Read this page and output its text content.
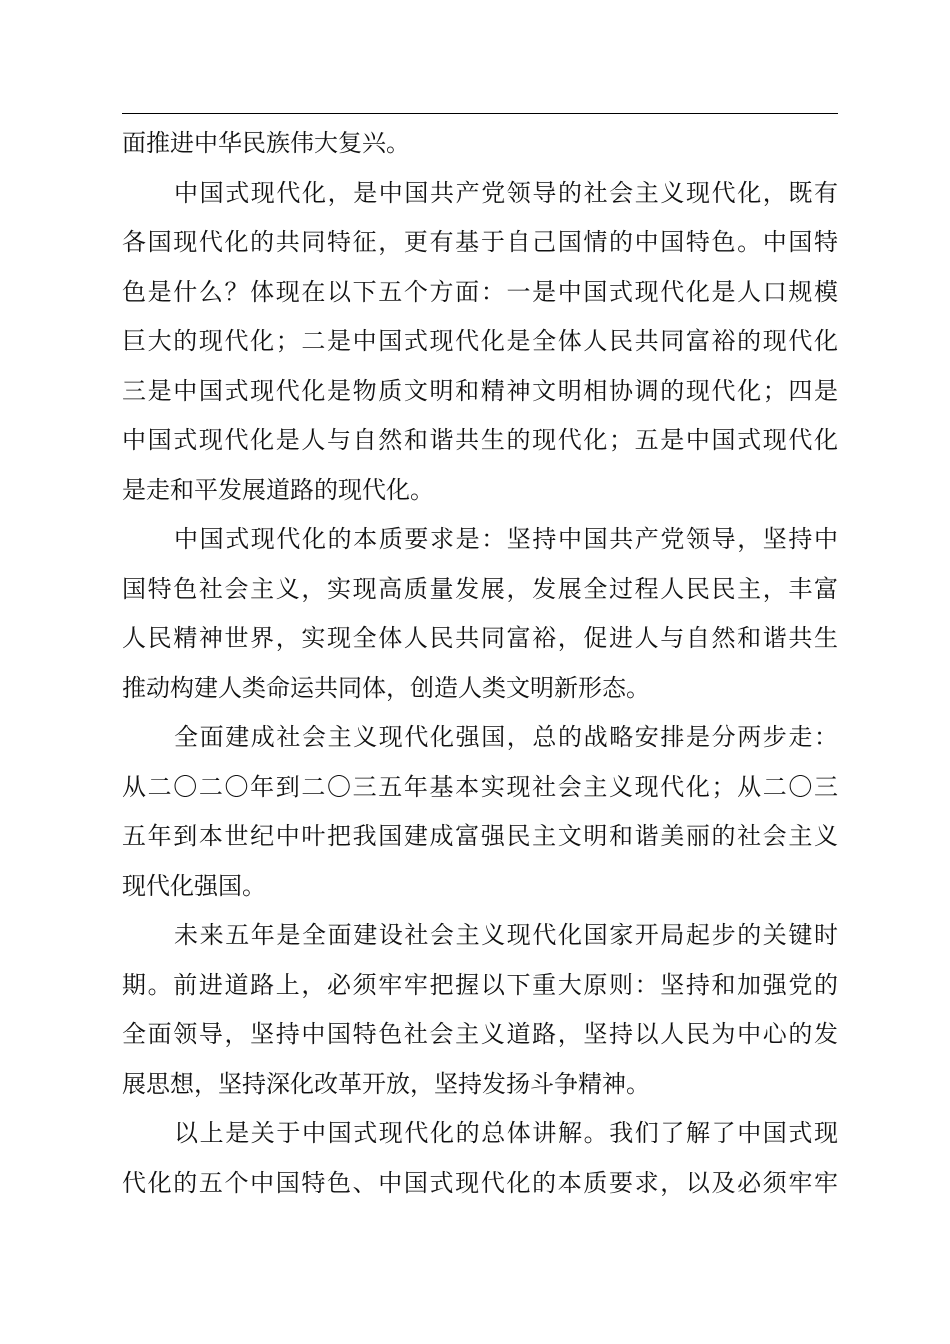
面推进中华民族伟大复兴。
中国式现代化，是中国共产党领导的社会主义现代化，既有
各国现代化的共同特征，更有基于自己国情的中国特色。中国特
色是什么？体现在以下五个方面：一是中国式现代化是人口规模
巨大的现代化；二是中国式现代化是全体人民共同富裕的现代化
三是中国式现代化是物质文明和精神文明相协调的现代化；四是
中国式现代化是人与自然和谐共生的现代化；五是中国式现代化
是走和平发展道路的现代化。
中国式现代化的本质要求是：坚持中国共产党领导，坚持中
国特色社会主义，实现高质量发展，发展全过程人民民主，丰富
人民精神世界，实现全体人民共同富裕，促进人与自然和谐共生
推动构建人类命运共同体，创造人类文明新形态。
全面建成社会主义现代化强国，总的战略安排是分两步走：
从二〇二〇年到二〇三五年基本实现社会主义现代化；从二〇三
五年到本世纪中叶把我国建成富强民主文明和谐美丽的社会主义
现代化强国。
未来五年是全面建设社会主义现代化国家开局起步的关键时
期。前进道路上，必须牢牢把握以下重大原则：坚持和加强党的
全面领导，坚持中国特色社会主义道路，坚持以人民为中心的发
展思想，坚持深化改革开放，坚持发扬斗争精神。
以上是关于中国式现代化的总体讲解。我们了解了中国式现
代化的五个中国特色、中国式现代化的本质要求，以及必须牢牢
